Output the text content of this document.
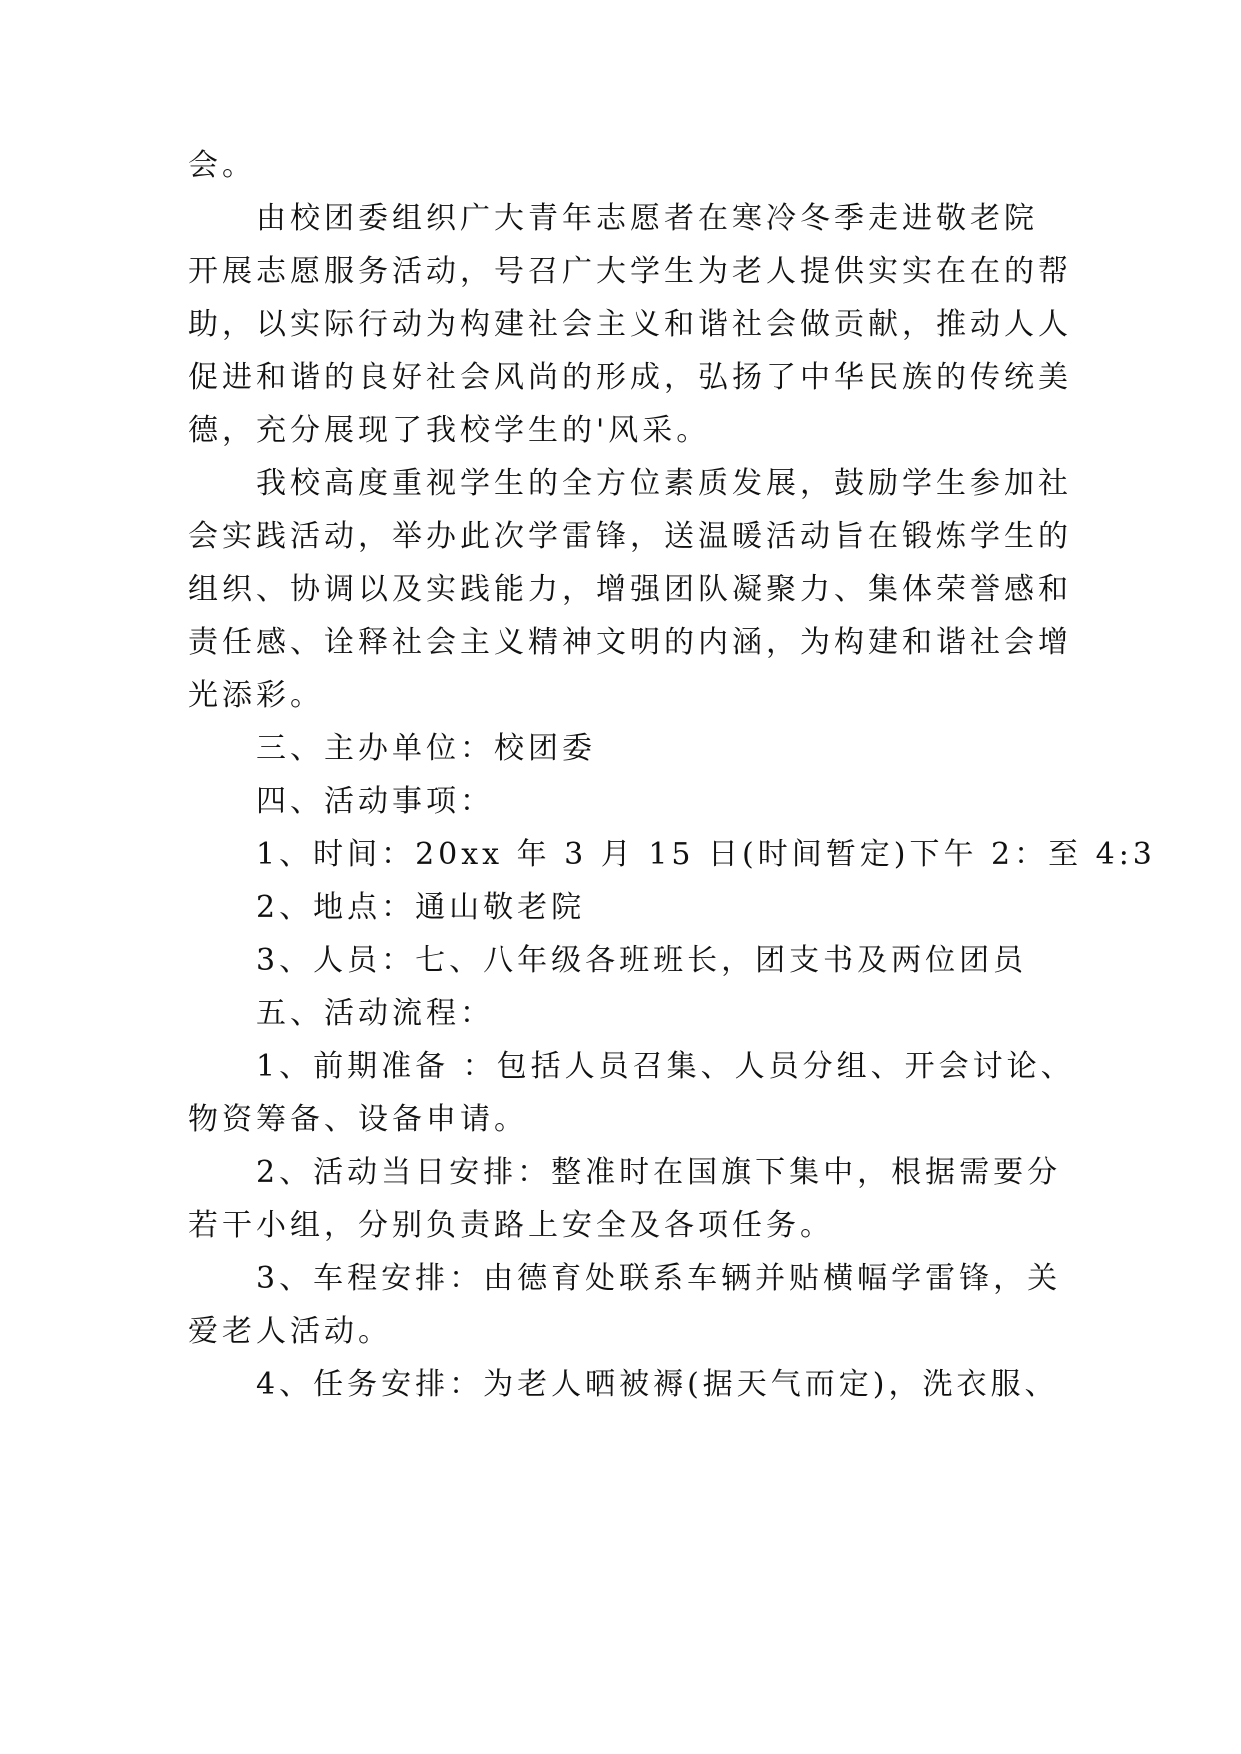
会。
由校团委组织广大青年志愿者在寒冷冬季走进敬老院
开展志愿服务活动，号召广大学生为老人提供实实在在的帮
助，以实际行动为构建社会主义和谐社会做贡献，推动人人
促进和谐的良好社会风尚的形成，弘扬了中华民族的传统美
德，充分展现了我校学生的'风采。
我校高度重视学生的全方位素质发展，鼓励学生参加社
会实践活动，举办此次学雷锋，送温暖活动旨在锻炼学生的
组织、协调以及实践能力，增强团队凝聚力、集体荣誉感和
责任感、诠释社会主义精神文明的内涵，为构建和谐社会增
光添彩。
三、主办单位：校团委
四、活动事项：
1、时间：20xx 年 3 月 15 日(时间暂定)下午 2：至 4:3
2、地点：通山敬老院
3、人员：七、八年级各班班长，团支书及两位团员
五、活动流程：
1、前期准备 ：包括人员召集、人员分组、开会讨论、
物资筹备、设备申请。
2、活动当日安排：整准时在国旗下集中，根据需要分
若干小组，分别负责路上安全及各项任务。
3、车程安排：由德育处联系车辆并贴横幅学雷锋，关
爱老人活动。
4、任务安排：为老人晒被褥(据天气而定)，洗衣服、
